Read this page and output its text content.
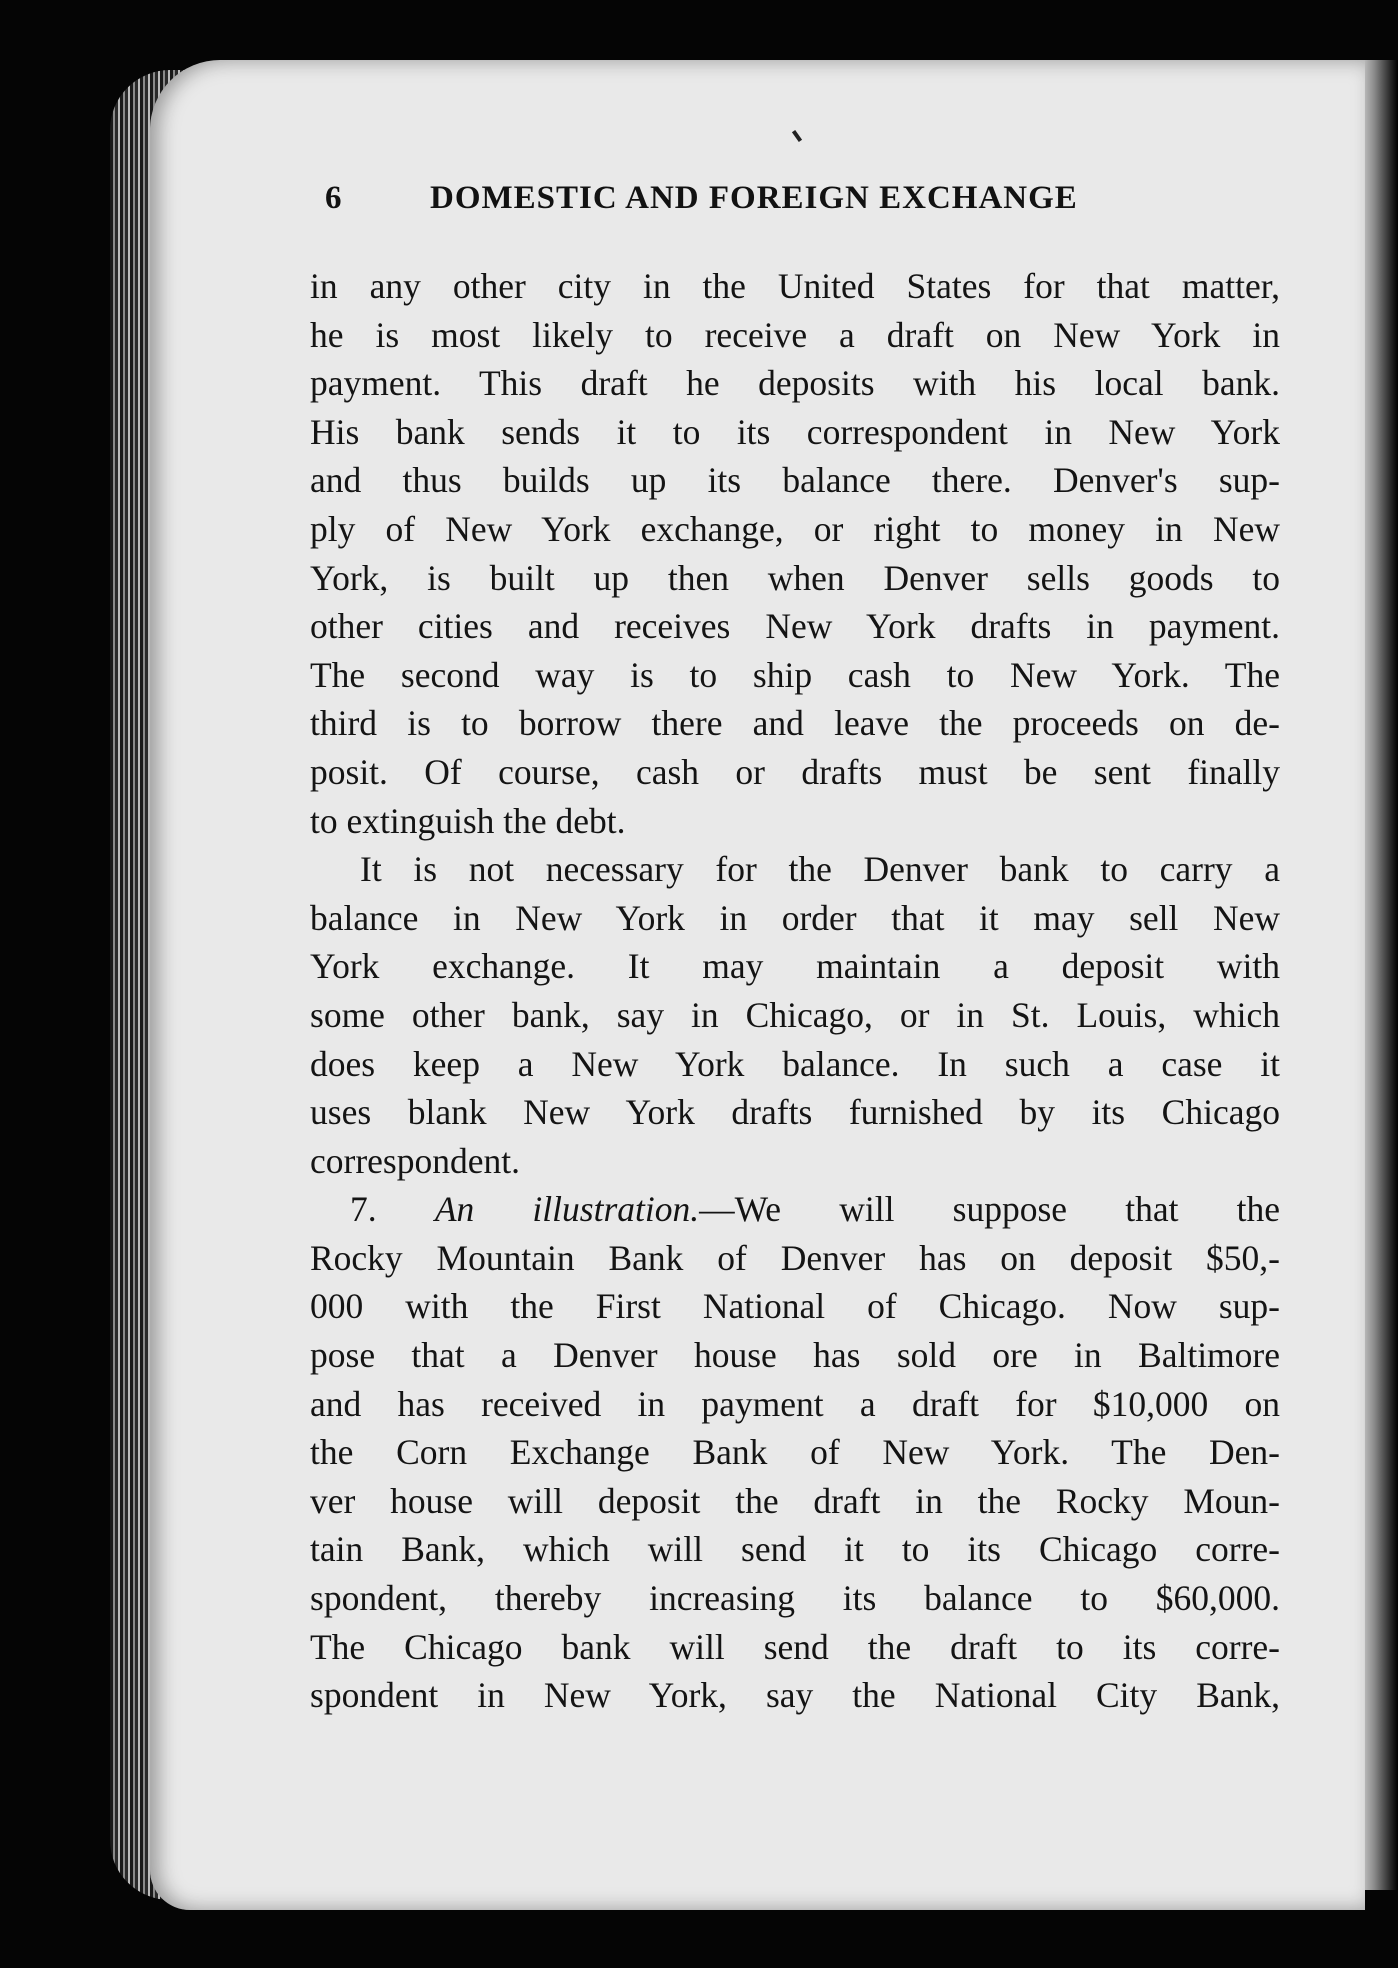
6	DOMESTIC AND FOREIGN EXCHANGE

in any other city in the United States for that matter,
he is most likely to receive a draft on New York in
payment. This draft he deposits with his local bank.
His bank sends it to its correspondent in New York
and thus builds up its balance there. Denver's sup-
ply of New York exchange, or right to money in New
York, is built up then when Denver sells goods to
other cities and receives New York drafts in payment.
The second way is to ship cash to New York. The
third is to borrow there and leave the proceeds on de-
posit. Of course, cash or drafts must be sent finally
to extinguish the debt.

It is not necessary for the Denver bank to carry a
balance in New York in order that it may sell New
York exchange. It may maintain a deposit with
some other bank, say in Chicago, or in St. Louis, which
does keep a New York balance. In such a case it
uses blank New York drafts furnished by its Chicago
correspondent.

7. An illustration.—We will suppose that the
Rocky Mountain Bank of Denver has on deposit $50,-
000 with the First National of Chicago. Now sup-
pose that a Denver house has sold ore in Baltimore
and has received in payment a draft for $10,000 on
the Corn Exchange Bank of New York. The Den-
ver house will deposit the draft in the Rocky Moun-
tain Bank, which will send it to its Chicago corre-
spondent, thereby increasing its balance to $60,000.
The Chicago bank will send the draft to its corre-
spondent in New York, say the National City Bank,
